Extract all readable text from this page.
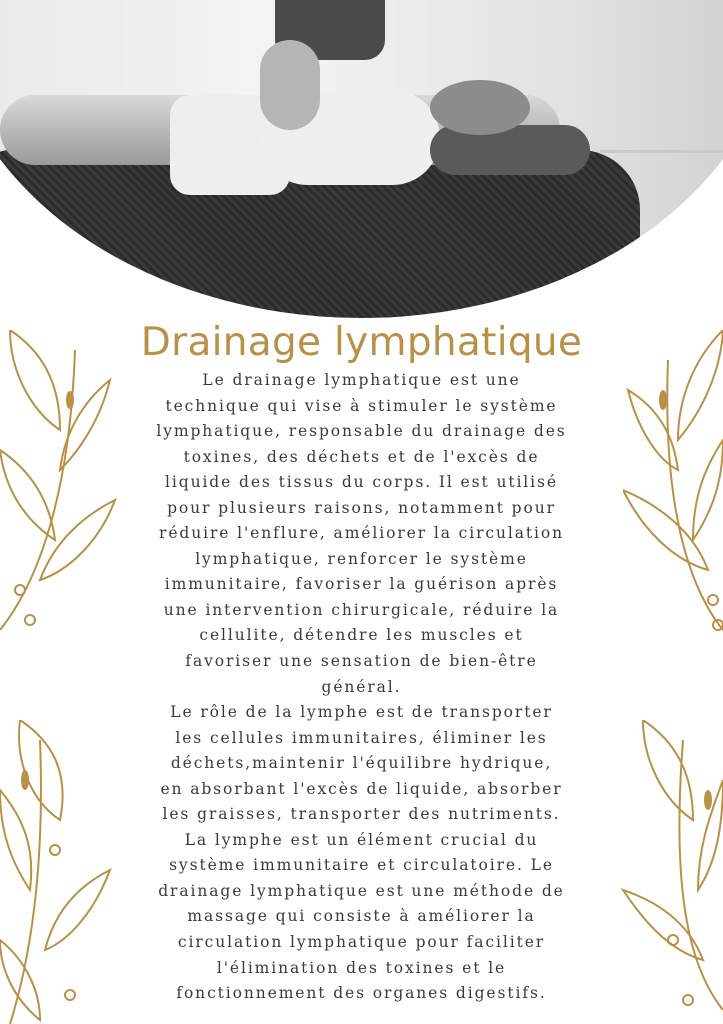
Drainage lymphatique
Le drainage lymphatique est une
technique qui vise à stimuler le système
lymphatique, responsable du drainage des
toxines, des déchets et de l'excès de
liquide des tissus du corps. Il est utilisé
pour plusieurs raisons, notamment pour
réduire l'enflure, améliorer la circulation
lymphatique, renforcer le système
immunitaire, favoriser la guérison après
une intervention chirurgicale, réduire la
cellulite, détendre les muscles et
favoriser une sensation de bien-être
général.
Le rôle de la lymphe est de transporter
les cellules immunitaires, éliminer les
déchets,maintenir l'équilibre hydrique,
en absorbant l'excès de liquide, absorber
les graisses, transporter des nutriments.
La lymphe est un élément crucial du
système immunitaire et circulatoire. Le
drainage lymphatique est une méthode de
massage qui consiste à améliorer la
circulation lymphatique pour faciliter
l'élimination des toxines et le
fonctionnement des organes digestifs.
